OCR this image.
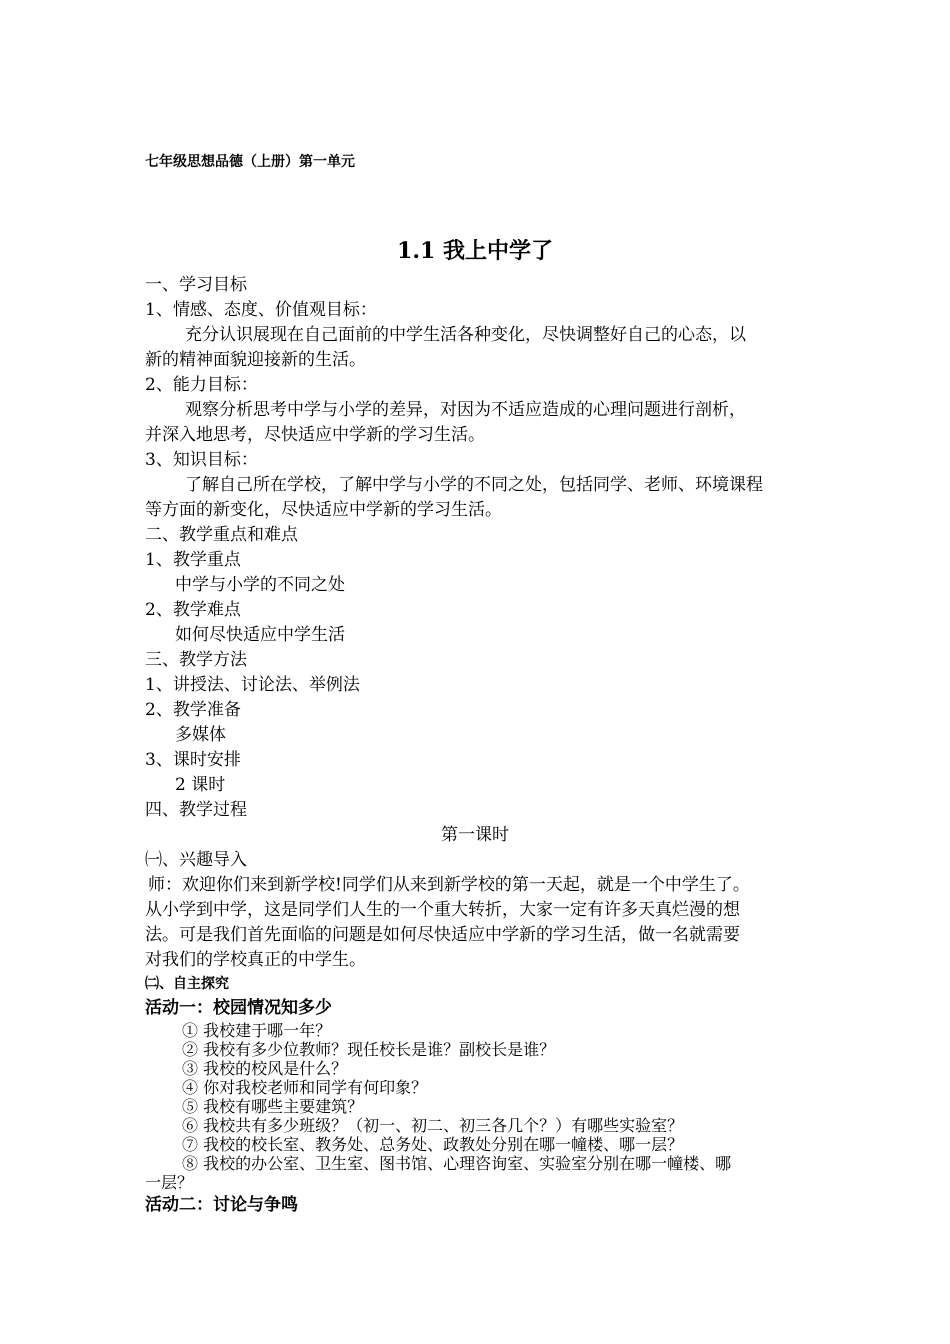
七年级思想品德（上册）第一单元
1.1 我上中学了
一、学习目标
1、情感、态度、价值观目标：
充分认识展现在自己面前的中学生活各种变化，尽快调整好自己的心态，以
新的精神面貌迎接新的生活。
2、能力目标：
观察分析思考中学与小学的差异，对因为不适应造成的心理问题进行剖析，
并深入地思考，尽快适应中学新的学习生活。
3、知识目标：
了解自己所在学校，了解中学与小学的不同之处，包括同学、老师、环境课程
等方面的新变化，尽快适应中学新的学习生活。
二、教学重点和难点
1、教学重点
中学与小学的不同之处
2、教学难点
如何尽快适应中学生活
三、教学方法
1、讲授法、讨论法、举例法
2、教学准备
多媒体
3、课时安排
2 课时
四、教学过程
第一课时
㈠、兴趣导入
师：欢迎你们来到新学校!同学们从来到新学校的第一天起，就是一个中学生了。
从小学到中学，这是同学们人生的一个重大转折，大家一定有许多天真烂漫的想
法。可是我们首先面临的问题是如何尽快适应中学新的学习生活，做一名就需要
对我们的学校真正的中学生。
㈡、自主探究
活动一：校园情况知多少
① 我校建于哪一年？
② 我校有多少位教师？现任校长是谁？副校长是谁？
③ 我校的校风是什么？
④ 你对我校老师和同学有何印象？
⑤ 我校有哪些主要建筑？
⑥ 我校共有多少班级？（初一、初二、初三各几个？）有哪些实验室？
⑦ 我校的校长室、教务处、总务处、政教处分别在哪一幢楼、哪一层？
⑧ 我校的办公室、卫生室、图书馆、心理咨询室、实验室分别在哪一幢楼、哪
一层？
活动二：讨论与争鸣
